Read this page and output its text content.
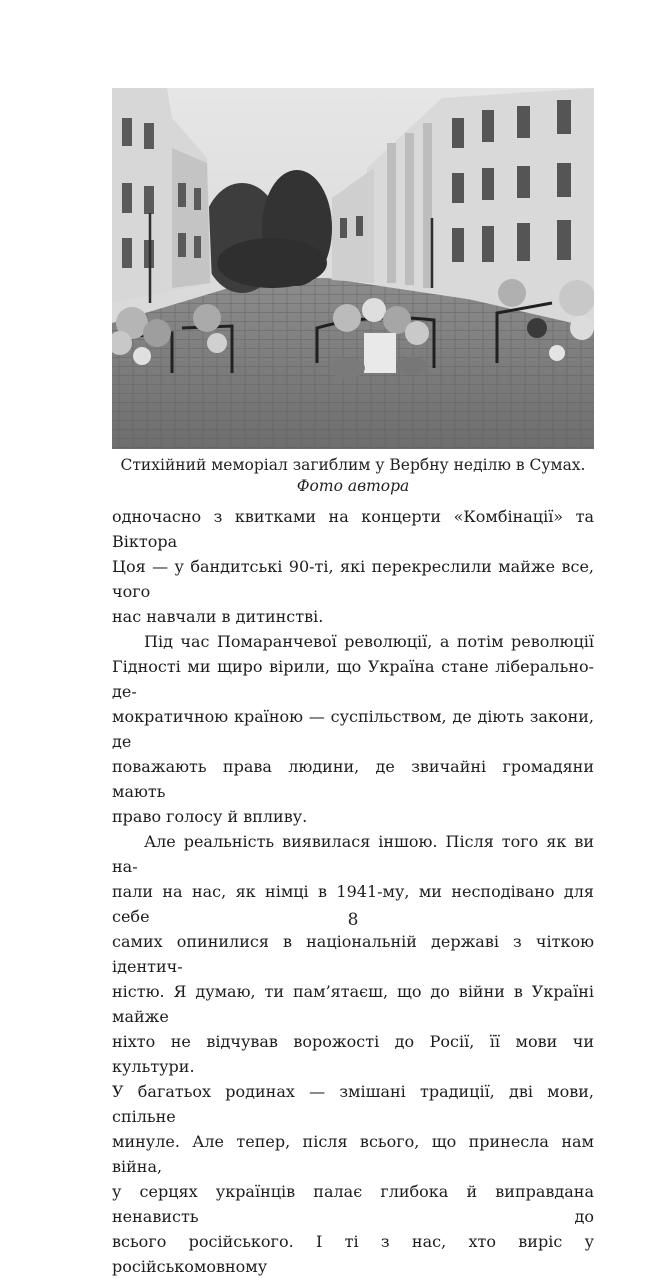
Стихійний меморіал загиблим у Вербну неділю в Сумах.
Фото автора

одночасно з квитками на концерти «Комбінації» та Віктора

Цоя — у бандитські 90-ті, які перекреслили майже все, чого

нас навчали в дитинстві.

Під час Помаранчевої революції, а потім революції

Гідності ми щиро вірили, що Україна стане ліберально-де-

мократичною країною — суспільством, де діють закони, де

поважають права людини, де звичайні громадяни мають

право голосу й впливу.

Але реальність виявилася іншою. Після того як ви на-

пали на нас, як німці в 1941-му, ми несподівано для себе

самих опинилися в національній державі з чіткою ідентич-

ністю. Я думаю, ти пам’ятаєш, що до війни в Україні майже

ніхто не відчував ворожості до Росії, її мови чи культури.

У багатьох родинах — змішані традиції, дві мови, спільне

минуле. Але тепер, після всього, що принесла нам війна,

у серцях українців палає глибока й виправдана ненависть до

всього російського. І ті з нас, хто виріс у російськомовному

8
